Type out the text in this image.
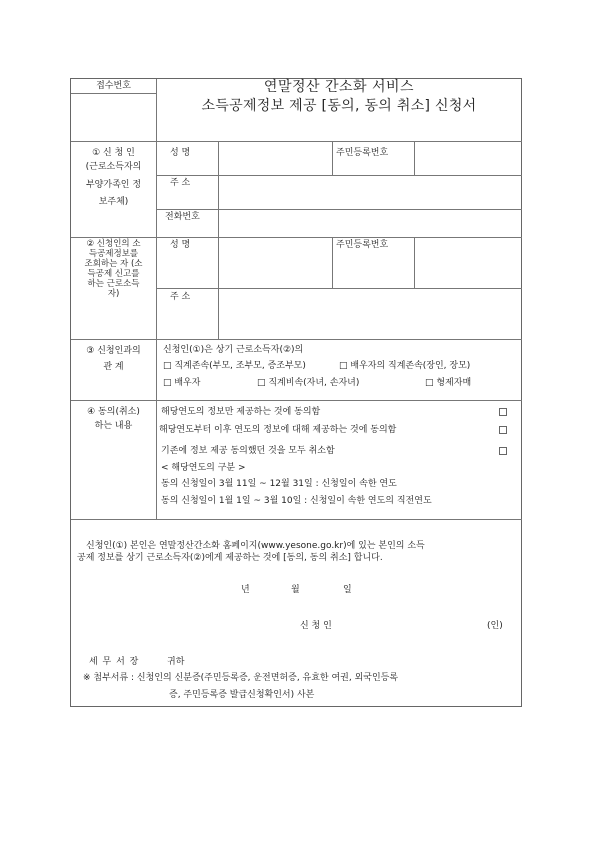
접수번호	연말정산 간소화 서비스
소득공제정보 제공 [동의, 동의 취소] 신청서
① 신 청 인
(근로소득자의
부양가족인 정
보주체)
성 명	주민등록번호
주 소
전화번호
② 신청인의 소
득공제정보를
조회하는 자 (소
득공제 신고를
하는 근로소득
자)
성 명	주민등록번호
주 소
③ 신청인과의
관 계
신청인(①)은 상기 근로소득자(②)의
□ 직계존속(부모, 조부모, 증조부모)	□ 배우자의 직계존속(장인, 장모)
□ 배우자	□ 직계비속(자녀, 손자녀)	□ 형제자매
④ 동의(취소)
하는 내용
해당연도의 정보만 제공하는 것에 동의함
해당연도부터 이후 연도의 정보에 대해 제공하는 것에 동의함
기존에 정보 제공 동의했던 것을 모두 취소함
< 해당연도의 구분 >
동의 신청일이 3월 11일 ~ 12월 31일 : 신청일이 속한 연도
동의 신청일이 1월 1일 ~ 3월 10일 : 신청일이 속한 연도의 직전연도
신청인(①) 본인은 연말정산간소화 홈페이지(www.yesone.go.kr)에 있는 본인의 소득
공제 정보를 상기 근로소득자(②)에게 제공하는 것에 [동의, 동의 취소] 합니다.
년	월	일
신 청 인	(인)
세 무 서 장	귀하
※ 첨부서류 : 신청인의 신분증(주민등록증, 운전면허증, 유효한 여권, 외국인등록
증, 주민등록증 발급신청확인서) 사본
